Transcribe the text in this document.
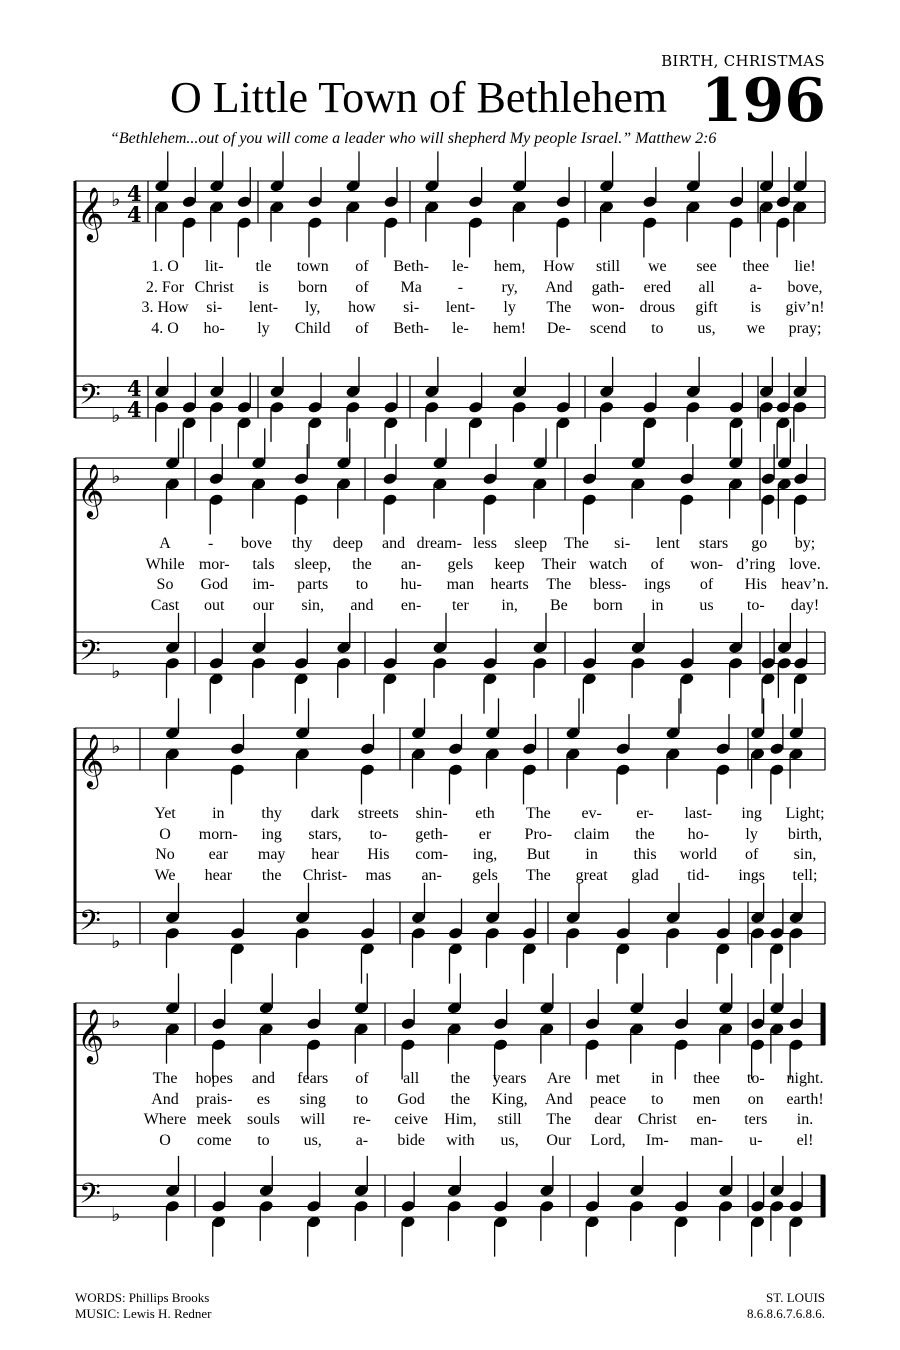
BIRTH, CHRISTMAS
O Little Town of Bethlehem 196
“Bethlehem...out of you will come a leader who will shepherd My people Israel.” Matthew 2:6
𝄞 ♭ 4
4
𝄢 ♭
4
4
𝄞 ♭
𝄢 ♭
𝄞 ♭
𝄢 ♭
𝄞 ♭
𝄢 ♭
1. O lit- tle town of Beth- le- hem, How still we see thee lie!
2. For Christ is born of Ma - ry, And gath- ered all a- bove,
3. How si- lent- ly, how si- lent- ly The won- drous gift is giv’n!
4. O ho- ly Child of Beth- le- hem! De- scend to us, we pray;
A - bove thy deep and dream- less sleep The si- lent stars go by;
While mor- tals sleep, the an- gels keep Their watch of won- d’ring love.
So God im- parts to hu- man hearts The bless- ings of His heav’n.
Cast out our sin, and en- ter in, Be born in us to- day!
Yet in thy dark streets shin- eth The ev- er- last- ing Light;
O morn- ing stars, to- geth- er Pro- claim the ho- ly birth,
No ear may hear His com- ing, But in this world of sin,
We hear the Christ- mas an- gels The great glad tid- ings tell;
The hopes and fears of all the years Are met in thee to- night.
And prais- es sing to God the King, And peace to men on earth!
Where meek souls will re- ceive Him, still The dear Christ en- ters in.
O come to us, a- bide with us, Our Lord, Im- man- u- el!
WORDS: Phillips Brooks
MUSIC: Lewis H. Redner
ST. LOUIS
8.6.8.6.7.6.8.6.
